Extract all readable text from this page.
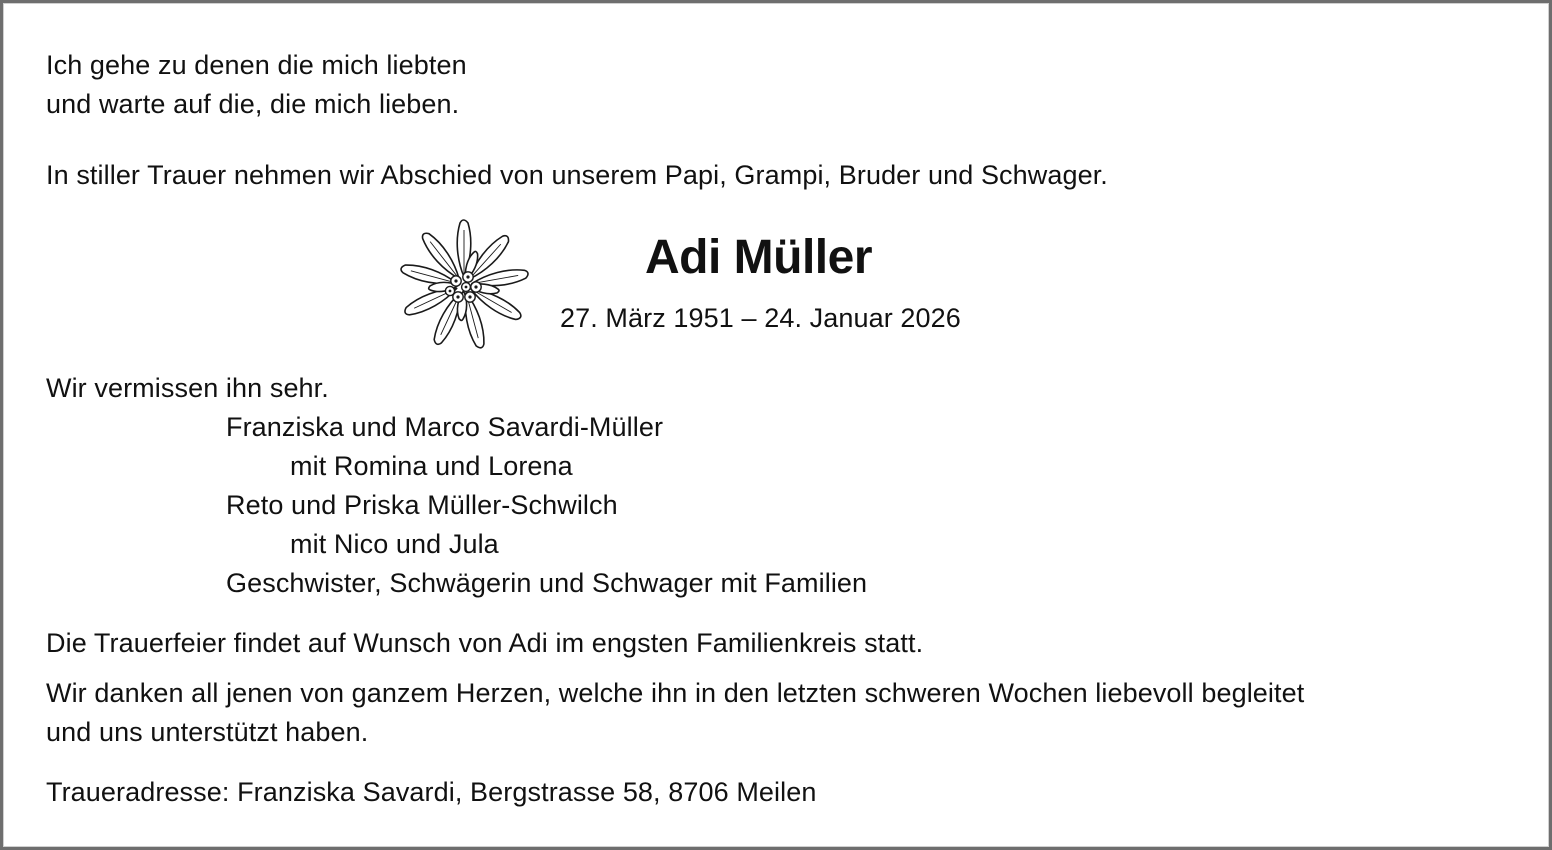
Ich gehe zu denen die mich liebten
und warte auf die, die mich lieben.
In stiller Trauer nehmen wir Abschied von unserem Papi, Grampi, Bruder und Schwager.
Adi Müller
27. März 1951 – 24. Januar 2026
Wir vermissen ihn sehr.
Franziska und Marco Savardi-Müller
mit Romina und Lorena
Reto und Priska Müller-Schwilch
mit Nico und Jula
Geschwister, Schwägerin und Schwager mit Familien
Die Trauerfeier findet auf Wunsch von Adi im engsten Familienkreis statt.
Wir danken all jenen von ganzem Herzen, welche ihn in den letzten schweren Wochen liebevoll begleitet
und uns unterstützt haben.
Traueradresse: Franziska Savardi, Bergstrasse 58, 8706 Meilen
